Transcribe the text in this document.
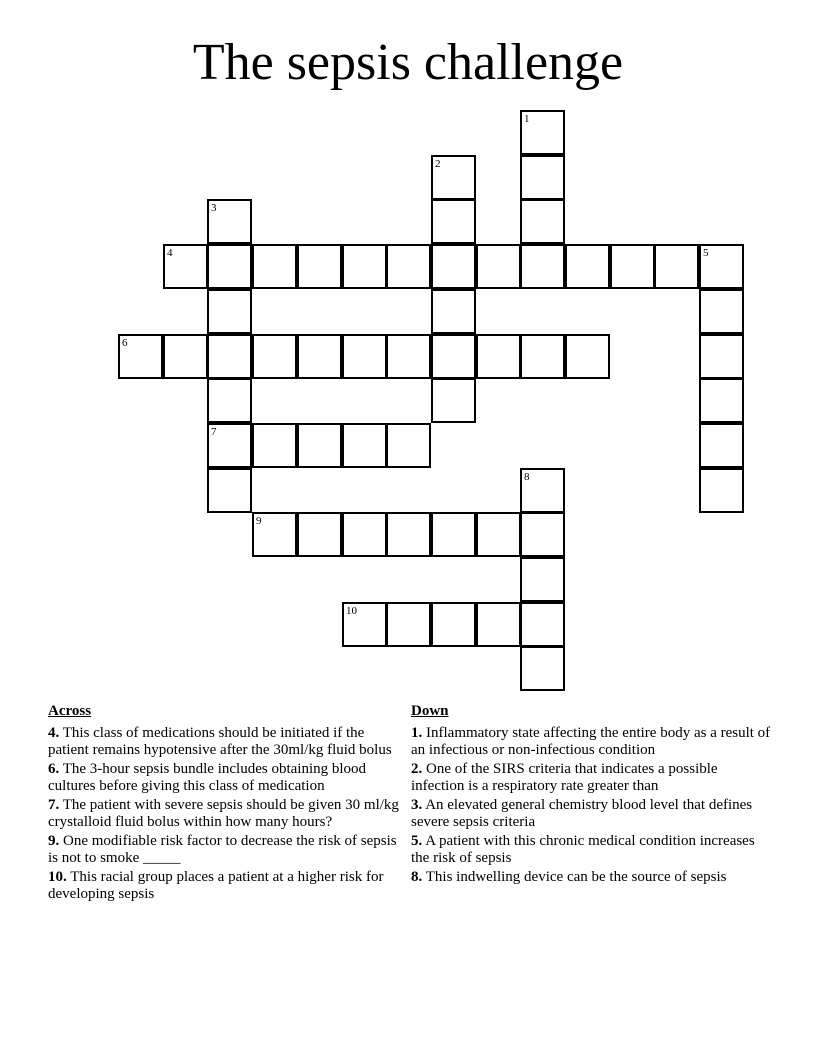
The sepsis challenge
1
2
3
7
4	5
6
8
9
10
Across
4. This class of medications should be initiated if the patient remains hypotensive after the 30ml/kg fluid bolus
6. The 3-hour sepsis bundle includes obtaining blood cultures before giving this class of medication
7. The patient with severe sepsis should be given 30 ml/kg crystalloid fluid bolus within how many hours?
9. One modifiable risk factor to decrease the risk of sepsis is not to smoke _____
10. This racial group places a patient at a higher risk for developing sepsis
Down
1. Inflammatory state affecting the entire body as a result of an infectious or non-infectious condition
2. One of the SIRS criteria that indicates a possible infection is a respiratory rate greater than
3. An elevated general chemistry blood level that defines severe sepsis criteria
5. A patient with this chronic medical condition increases the risk of sepsis
8. This indwelling device can be the source of sepsis
